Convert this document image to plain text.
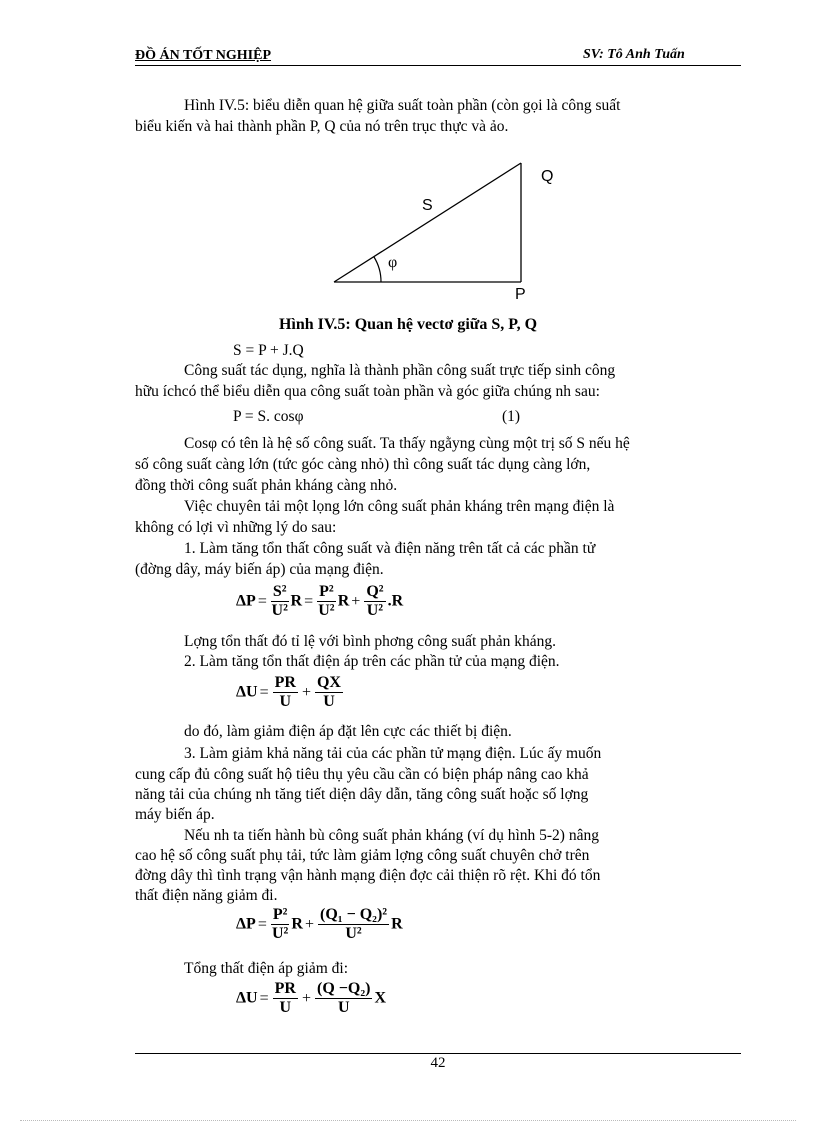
ĐỒ ÁN TỐT NGHIỆP	SV: Tô Anh Tuấn
Hình IV.5: biểu diễn quan hệ giữa suất toàn phần (còn gọi là công suất
biểu kiến và hai thành phần P, Q của nó trên trục thực và ảo.
S
Q
P
φ
Hình IV.5: Quan hệ vectơ giữa S, P, Q
S = P + J.Q
Công suất tác dụng, nghĩa là thành phần công suất trực tiếp sinh công
hữu íchcó thể biểu diễn qua công suất toàn phần và góc giữa chúng nh sau:
P = S. cosφ	(1)
Cosφ có tên là hệ số công suất. Ta thấy ngằyng cùng một trị số S nếu hệ
số công suất càng lớn (tức góc càng nhỏ) thì công suất tác dụng càng lớn,
đồng thời công suất phản kháng càng nhỏ.
Việc chuyên tải một lọng lớn công suất phản kháng trên mạng điện là
không có lợi vì những lý do sau:
1. Làm tăng tổn thất công suất và điện năng trên tất cả các phần tử
(đờng dây, máy biến áp) của mạng điện.
$\Delta P = \frac{\text{S²}}{\text{U²}}$ $R = \frac{\text{P²}}{\text{U²}}$ $R + \frac{\text{Q²}}{\text{U²}} .R$
Lợng tổn thất đó tỉ lệ với bình phơng công suất phản kháng.
2. Làm tăng tổn thất điện áp trên các phần tử của mạng điện.
$\Delta U = \frac{PR}{U} + \frac{QX}{U}$
do đó, làm giảm điện áp đặt lên cực các thiết bị điện.
3. Làm giảm khả năng tải của các phần tử mạng điện. Lúc ấy muốn
cung cấp đủ công suất hộ tiêu thụ yêu cầu cần có biện pháp nâng cao khả
năng tải của chúng nh tăng tiết diện dây dẫn, tăng công suất hoặc số lợng
máy biến áp.
Nếu nh ta tiến hành bù công suất phản kháng (ví dụ hình 5-2) nâng
cao hệ số công suất phụ tải, tức làm giảm lợng công suất chuyên chở trên
đờng dây thì tình trạng vận hành mạng điện đợc cải thiện rõ rệt. Khi đó tổn
thất điện năng giảm đi.
$\Delta P = \frac{\text{P²}}{\text{U²}}$ $R + \frac{\text{(Q₁ − Q₂)²}}{\text{U²}}$ R
Tổng thất điện áp giảm đi:
$\Delta U = \frac{PR}{U} + \frac{\text{(Q −Q₂)}}{U}$ X
42
